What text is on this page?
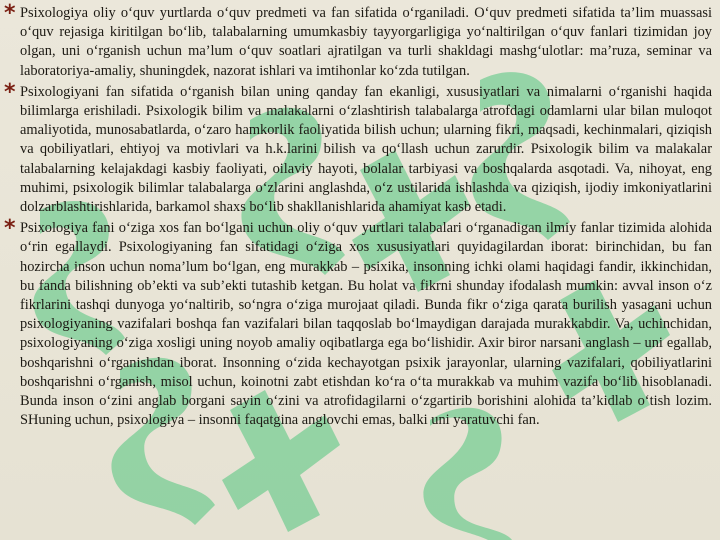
* Psixologiya oliy o‘quv yurtlarda o‘quv predmeti va fan sifatida o‘rganiladi. O‘quv predmeti sifatida ta’lim muassasi o‘quv rejasiga kiritilgan bo‘lib, talabalarning umumkasbiy tayyorgarligiga yo‘naltirilgan o‘quv fanlari tizimidan joy olgan, uni o‘rganish uchun ma’lum o‘quv soatlari ajratilgan va turli shakldagi mashg‘ulotlar: ma’ruza, seminar va laboratoriya-amaliy, shuningdek, nazorat ishlari va imtihonlar ko‘zda tutilgan.

* Psixologiyani fan sifatida o‘rganish bilan uning qanday fan ekanligi, xususiyatlari va nimalarni o‘rganishi haqida bilimlarga erishiladi. Psixologik bilim va malakalarni o‘zlashtirish talabalarga atrofdagi odamlarni ular bilan muloqot amaliyotida, munosabatlarda, o‘zaro hamkorlik faoliyatida bilish uchun; ularning fikri, maqsadi, kechinmalari, qiziqish va qobiliyatlari, ehtiyoj va motivlari va h.k.larini bilish va qo‘llash uchun zarurdir. Psixologik bilim va malakalar talabalarning kelajakdagi kasbiy faoliyati, oilaviy hayoti, bolalar tarbiyasi va boshqalarda asqotadi. Va, nihoyat, eng muhimi, psixologik bilimlar talabalarga o‘zlarini anglashda, o‘z ustilarida ishlashda va qiziqish, ijodiy imkoniyatlarini dolzarblashtirishlarida, barkamol shaxs bo‘lib shakllanishlarida ahamiyat kasb etadi.

* Psixologiya fani o‘ziga xos fan bo‘lgani uchun oliy o‘quv yurtlari talabalari o‘rganadigan ilmiy fanlar tizimida alohida o‘rin egallaydi. Psixologiyaning fan sifatidagi o‘ziga xos xususiyatlari quyidagilardan iborat: birinchidan, bu fan hozircha inson uchun noma’lum bo‘lgan, eng murakkab – psixika, insonning ichki olami haqidagi fandir, ikkinchidan, bu fanda bilishning ob’ekti va sub’ekti tutashib ketgan. Bu holat va fikrni shunday ifodalash mumkin: avval inson o‘z fikrlarini tashqi dunyoga yo‘naltirib, so‘ngra o‘ziga murojaat qiladi. Bunda fikr o‘ziga qarata burilish yasagani uchun psixologiyaning vazifalari boshqa fan vazifalari bilan taqqoslab bo‘lmaydigan darajada murakkabdir. Va, uchinchidan, psixologiyaning o‘ziga xosligi uning noyob amaliy oqibatlarga ega bo‘lishidir. Axir biror narsani anglash – uni egallab, boshqarishni o‘rganishdan iborat. Insonning o‘zida kechayotgan psixik jarayonlar, ularning vazifalari, qobiliyatlarini boshqarishni o‘rganish, misol uchun, koinotni zabt etishdan ko‘ra o‘ta murakkab va muhim vazifa bo‘lib hisoblanadi. Bunda inson o‘zini anglab borgani sayin o‘zini va atrofidagilarni o‘zgartirib borishini alohida ta’kidlab o‘tish lozim. SHuning uchun, psixologiya – insonni faqatgina anglovchi emas, balki uni yaratuvchi fan.
